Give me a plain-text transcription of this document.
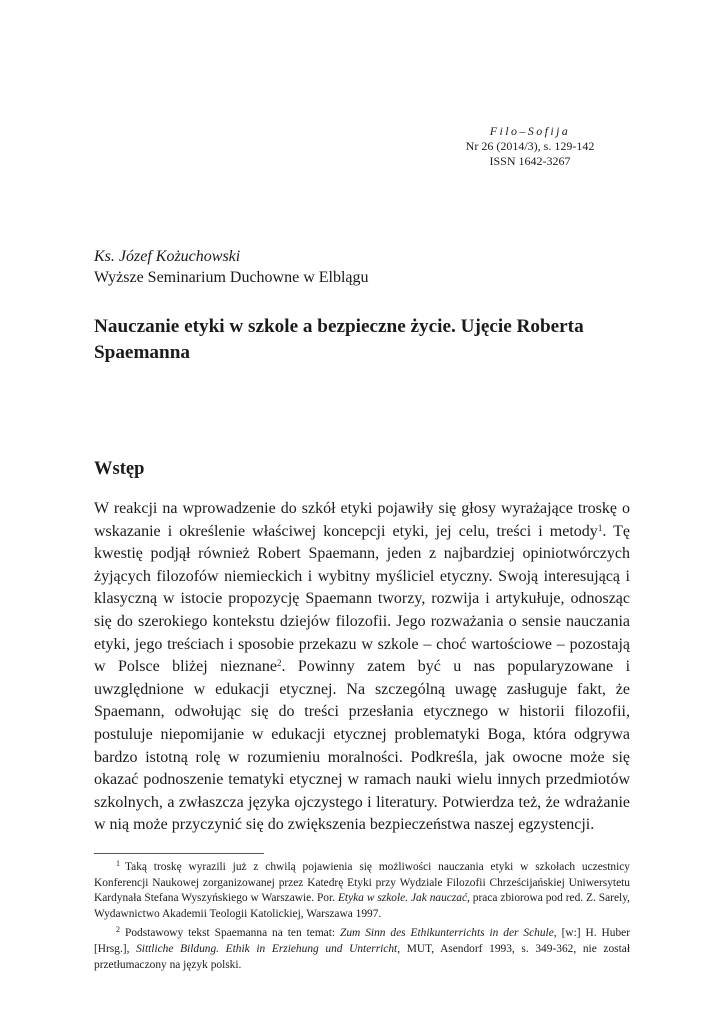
Filo–Sofija
Nr 26 (2014/3), s. 129-142
ISSN 1642-3267
Ks. Józef Kożuchowski
Wyższe Seminarium Duchowne w Elblągu
Nauczanie etyki w szkole a bezpieczne życie. Ujęcie Roberta Spaemanna
Wstęp

W reakcji na wprowadzenie do szkół etyki pojawiły się głosy wyrażające troskę o wskazanie i określenie właściwej koncepcji etyki, jej celu, treści i metody$^1$. Tę kwestię podjął również Robert Spaemann, jeden z najbardziej opiniotwórczych żyjących filozofów niemieckich i wybitny myśliciel etyczny. Swoją interesującą i klasyczną w istocie propozycję Spaemann tworzy, rozwija i artykułuje, odnosząc się do szerokiego kontekstu dziejów filozofii. Jego rozważania o sensie nauczania etyki, jego treściach i sposobie przekazu w szkole – choć wartościowe – pozostają w Polsce bliżej nieznane$^2$. Powinny zatem być u nas popularyzowane i uwzględnione w edukacji etycznej. Na szczególną uwagę zasługuje fakt, że Spaemann, odwołując się do treści przesłania etycznego w historii filozofii, postuluje niepomijanie w edukacji etycznej problematyki Boga, która odgrywa bardzo istotną rolę w rozumieniu moralności. Podkreśla, jak owocne może się okazać podnoszenie tematyki etycznej w ramach nauki wielu innych przedmiotów szkolnych, a zwłaszcza języka ojczystego i literatury. Potwierdza też, że wdrażanie w nią może przyczynić się do zwiększenia bezpieczeństwa naszej egzystencji.

$^1$ Taką troskę wyrazili już z chwilą pojawienia się możliwości nauczania etyki w szkołach uczestnicy Konferencji Naukowej zorganizowanej przez Katedrę Etyki przy Wydziale Filozofii Chrześcijańskiej Uniwersytetu Kardynała Stefana Wyszyńskiego w Warszawie. Por. Etyka w szkole. Jak nauczać, praca zbiorowa pod red. Z. Sarely, Wydawnictwo Akademii Teologii Katolickiej, Warszawa 1997.

$^2$ Podstawowy tekst Spaemanna na ten temat: Zum Sinn des Ethikunterrichts in der Schule, [w:] H. Huber [Hrsg.], Sittliche Bildung. Ethik in Erziehung und Unterricht, MUT, Asendorf 1993, s. 349-362, nie został przetłumaczony na język polski.
